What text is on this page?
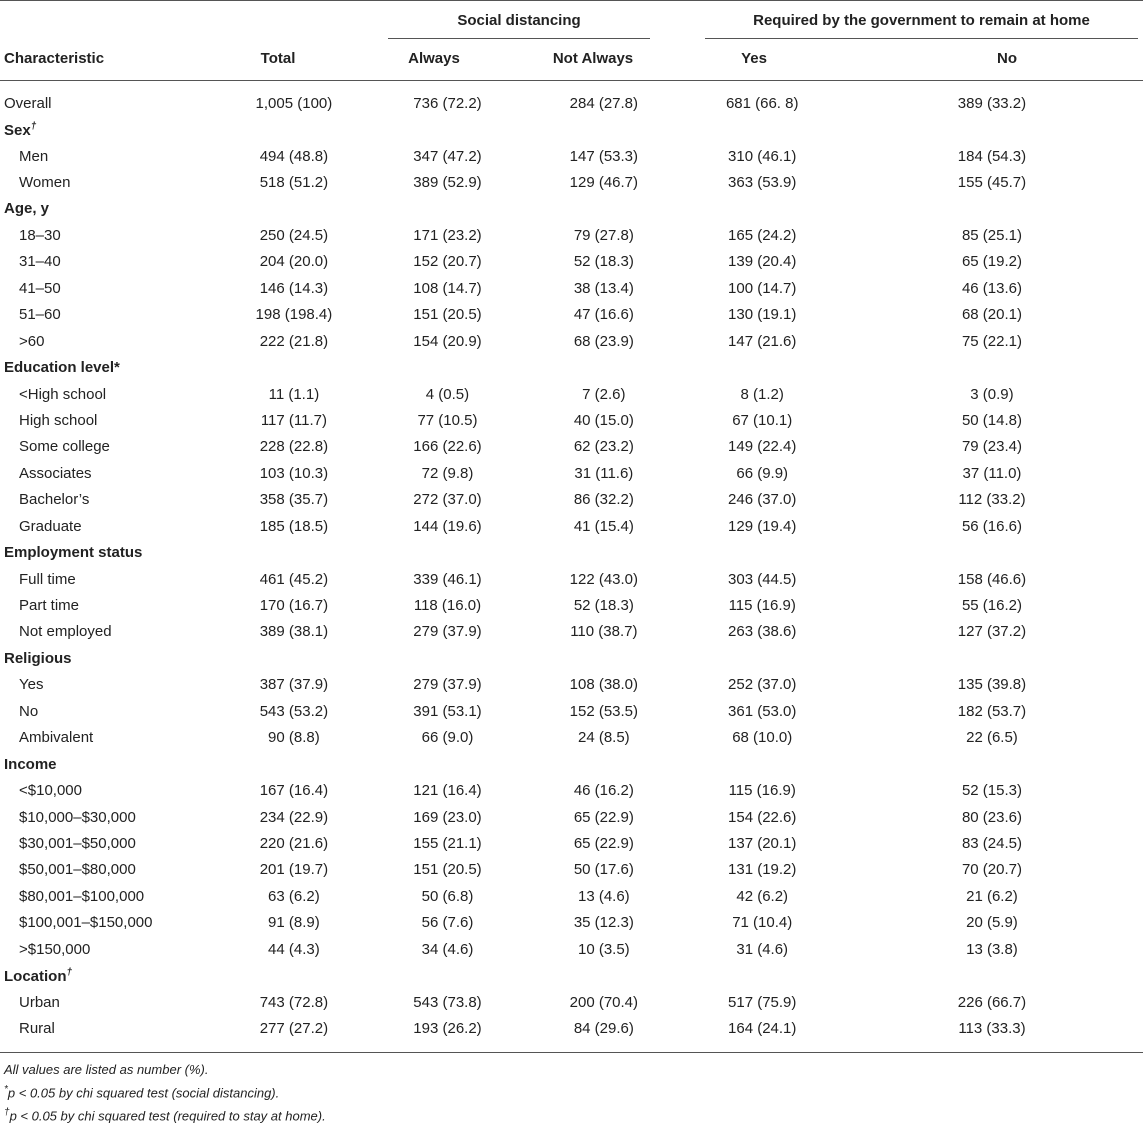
Social distancing	Required by the government to remain at home
Characteristic	Total	Always	Not Always	Yes	No
Overall	1,005 (100)	736 (72.2)	284 (27.8)	681 (66. 8)	389 (33.2)
Sex†
Men	494 (48.8)	347 (47.2)	147 (53.3)	310 (46.1)	184 (54.3)
Women	518 (51.2)	389 (52.9)	129 (46.7)	363 (53.9)	155 (45.7)
Age, y					
18–30	250 (24.5)	171 (23.2)	79 (27.8)	165 (24.2)	85 (25.1)
31–40	204 (20.0)	152 (20.7)	52 (18.3)	139 (20.4)	65 (19.2)
41–50	146 (14.3)	108 (14.7)	38 (13.4)	100 (14.7)	46 (13.6)
51–60	198 (198.4)	151 (20.5)	47 (16.6)	130 (19.1)	68 (20.1)
>60	222 (21.8)	154 (20.9)	68 (23.9)	147 (21.6)	75 (22.1)
Education level*					
<High school	11 (1.1)	4 (0.5)	7 (2.6)	8 (1.2)	3 (0.9)
High school	117 (11.7)	77 (10.5)	40 (15.0)	67 (10.1)	50 (14.8)
Some college	228 (22.8)	166 (22.6)	62 (23.2)	149 (22.4)	79 (23.4)
Associates	103 (10.3)	72 (9.8)	31 (11.6)	66 (9.9)	37 (11.0)
Bachelor’s	358 (35.7)	272 (37.0)	86 (32.2)	246 (37.0)	112 (33.2)
Graduate	185 (18.5)	144 (19.6)	41 (15.4)	129 (19.4)	56 (16.6)
Employment status					
Full time	461 (45.2)	339 (46.1)	122 (43.0)	303 (44.5)	158 (46.6)
Part time	170 (16.7)	118 (16.0)	52 (18.3)	115 (16.9)	55 (16.2)
Not employed	389 (38.1)	279 (37.9)	110 (38.7)	263 (38.6)	127 (37.2)
Religious					
Yes	387 (37.9)	279 (37.9)	108 (38.0)	252 (37.0)	135 (39.8)
No	543 (53.2)	391 (53.1)	152 (53.5)	361 (53.0)	182 (53.7)
Ambivalent	90 (8.8)	66 (9.0)	24 (8.5)	68 (10.0)	22 (6.5)
Income					
<$10,000	167 (16.4)	121 (16.4)	46 (16.2)	115 (16.9)	52 (15.3)
$10,000–$30,000	234 (22.9)	169 (23.0)	65 (22.9)	154 (22.6)	80 (23.6)
$30,001–$50,000	220 (21.6)	155 (21.1)	65 (22.9)	137 (20.1)	83 (24.5)
$50,001–$80,000	201 (19.7)	151 (20.5)	50 (17.6)	131 (19.2)	70 (20.7)
$80,001–$100,000	63 (6.2)	50 (6.8)	13 (4.6)	42 (6.2)	21 (6.2)
$100,001–$150,000	91 (8.9)	56 (7.6)	35 (12.3)	71 (10.4)	20 (5.9)
>$150,000	44 (4.3)	34 (4.6)	10 (3.5)	31 (4.6)	13 (3.8)
Location†
Urban	743 (72.8)	543 (73.8)	200 (70.4)	517 (75.9)	226 (66.7)
Rural	277 (27.2)	193 (26.2)	84 (29.6)	164 (24.1)	113 (33.3)
All values are listed as number (%).
*p < 0.05 by chi squared test (social distancing).
†p < 0.05 by chi squared test (required to stay at home).
